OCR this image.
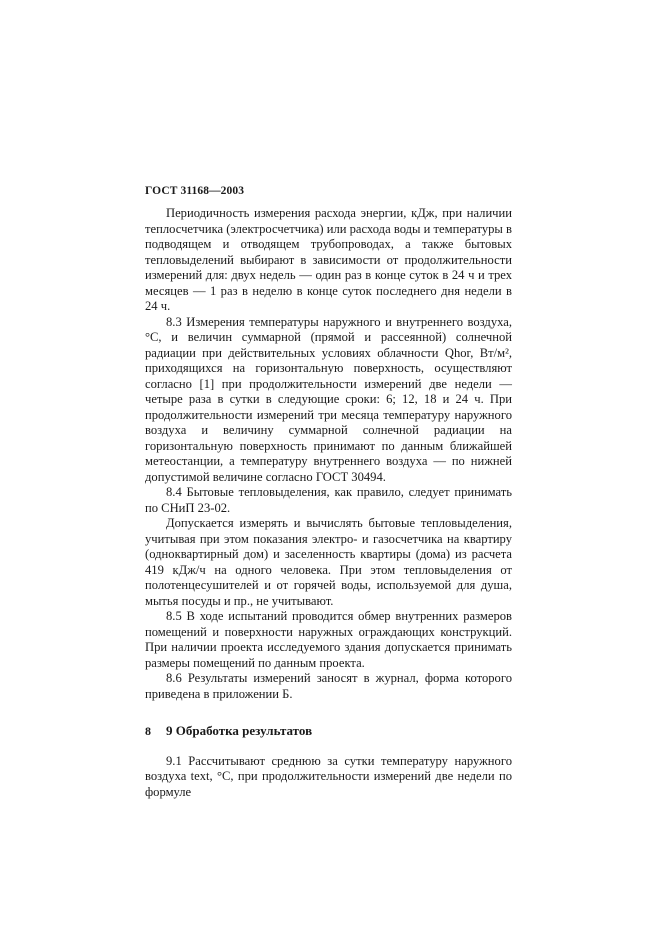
ГОСТ 31168—2003

Периодичность измерения расхода энергии, кДж, при наличии теплосчетчика (электросчетчика) или расхода воды и температуры в подводящем и отводящем трубопроводах, а также бытовых тепловыделений выбирают в зависимости от продолжительности измерений для: двух недель — один раз в конце суток в 24 ч и трех месяцев — 1 раз в неделю в конце суток последнего дня недели в 24 ч.

8.3 Измерения температуры наружного и внутреннего воздуха, °С, и величин суммарной (прямой и рассеянной) солнечной радиации при действительных условиях облачности Qhor, Вт/м², приходящихся на горизонтальную поверхность, осуществляют согласно [1] при продолжительности измерений две недели — четыре раза в сутки в следующие сроки: 6; 12, 18 и 24 ч. При продолжительности измерений три месяца температуру наружного воздуха и величину суммарной солнечной радиации на горизонтальную поверхность принимают по данным ближайшей метеостанции, а температуру внутреннего воздуха — по нижней допустимой величине согласно ГОСТ 30494.

8.4 Бытовые тепловыделения, как правило, следует принимать по СНиП 23-02.

Допускается измерять и вычислять бытовые тепловыделения, учитывая при этом показания электро- и газосчетчика на квартиру (одноквартирный дом) и заселенность квартиры (дома) из расчета 419 кДж/ч на одного человека. При этом тепловыделения от полотенцесушителей и от горячей воды, используемой для душа, мытья посуды и пр., не учитывают.

8.5 В ходе испытаний проводится обмер внутренних размеров помещений и поверхности наружных ограждающих конструкций. При наличии проекта исследуемого здания допускается принимать размеры помещений по данным проекта.

8.6 Результаты измерений заносят в журнал, форма которого приведена в приложении Б.

9 Обработка результатов

9.1 Рассчитывают среднюю за сутки температуру наружного воздуха text, °С, при продолжительности измерений две недели по формуле

8
